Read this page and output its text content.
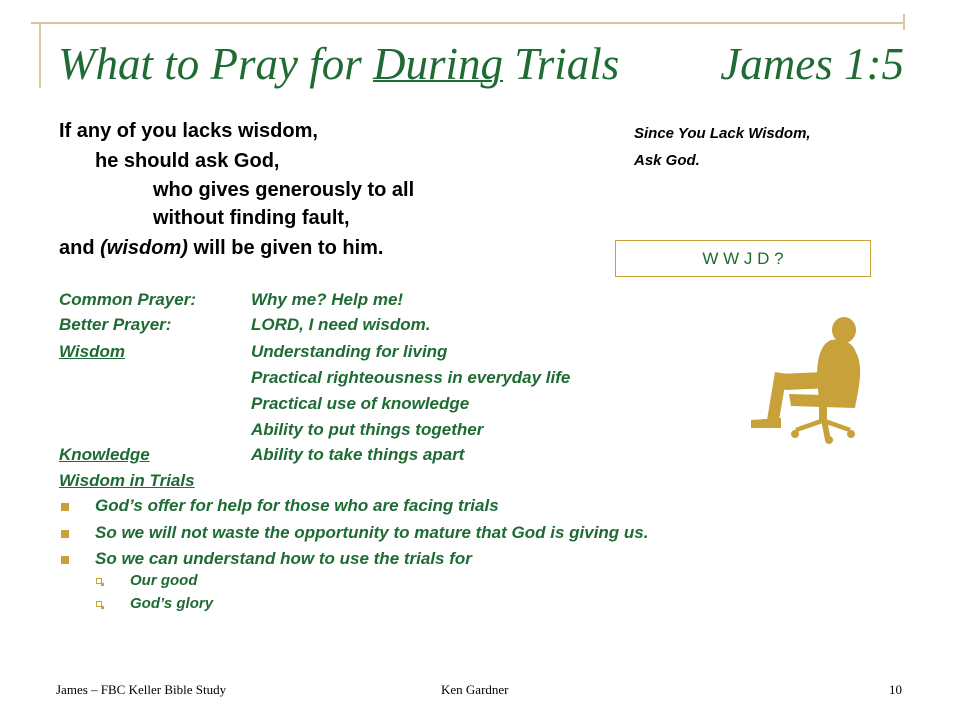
What to Pray for During Trials James 1:5
If any of you lacks wisdom,
he should ask God,
who gives generously to all
without finding fault,
and (wisdom) will be given to him.
Since You Lack Wisdom,
Ask God.
W W J D ?
Common Prayer:	Why me? Help me!
Better Prayer:	LORD, I need wisdom.
Wisdom	Understanding for living
Practical righteousness in everyday life
Practical use of knowledge
Ability to put things together
Knowledge	Ability to take things apart
Wisdom in Trials
God’s offer for help for those who are facing trials
So we will not waste the opportunity to mature that God is giving us.
So we can understand how to use the trials for
Our good
God’s glory
James – FBC Keller Bible Study	Ken Gardner	10
